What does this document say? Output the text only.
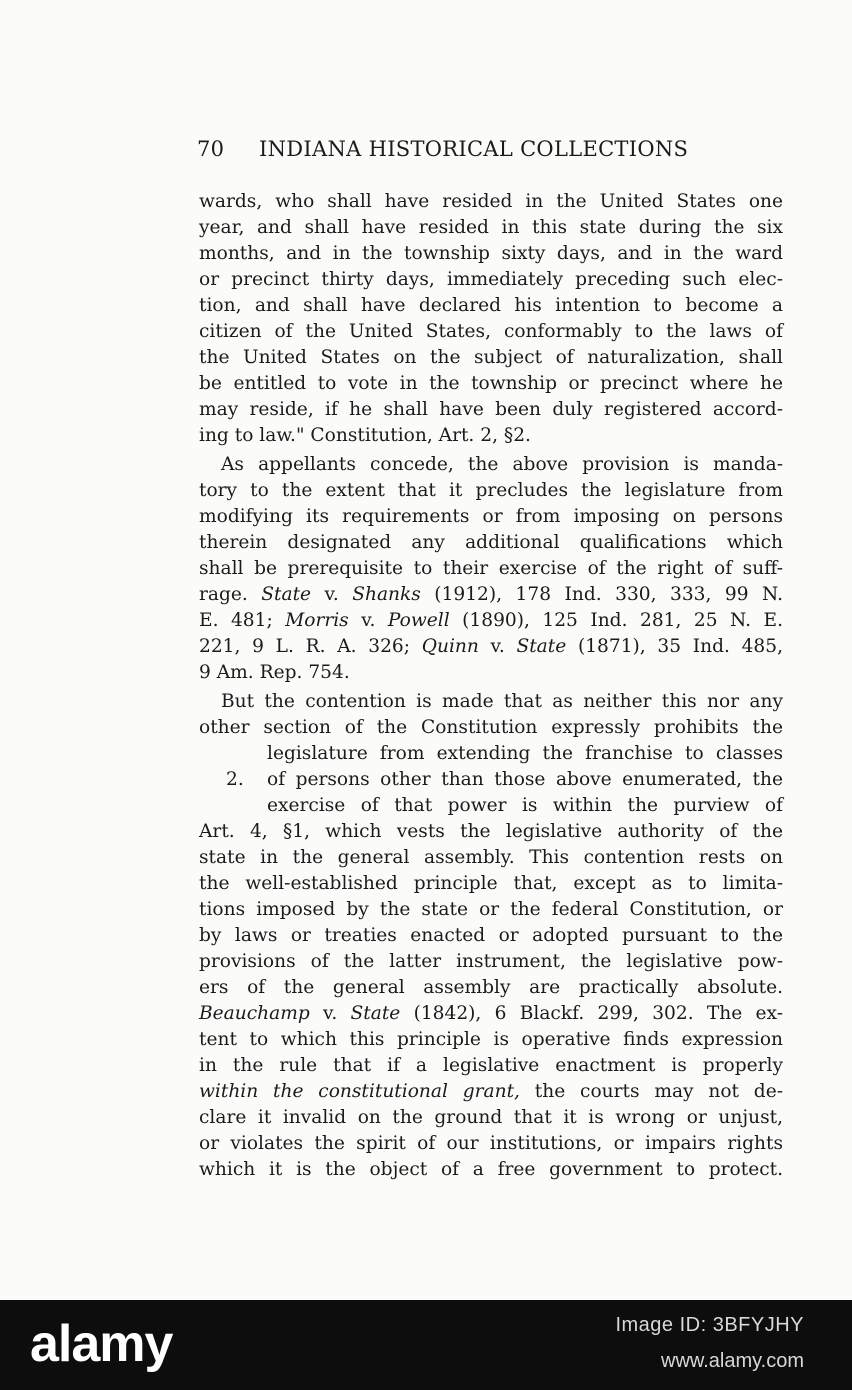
70 INDIANA HISTORICAL COLLECTIONS
wards, who shall have resided in the United States one
year, and shall have resided in this state during the six
months, and in the township sixty days, and in the ward
or precinct thirty days, immediately preceding such elec-
tion, and shall have declared his intention to become a
citizen of the United States, conformably to the laws of
the United States on the subject of naturalization, shall
be entitled to vote in the township or precinct where he
may reside, if he shall have been duly registered accord-
ing to law." Constitution, Art. 2, §2.
As appellants concede, the above provision is manda-
tory to the extent that it precludes the legislature from
modifying its requirements or from imposing on persons
therein designated any additional qualifications which
shall be prerequisite to their exercise of the right of suff-
rage. State v. Shanks (1912), 178 Ind. 330, 333, 99 N.
E. 481; Morris v. Powell (1890), 125 Ind. 281, 25 N. E.
221, 9 L. R. A. 326; Quinn v. State (1871), 35 Ind. 485,
9 Am. Rep. 754.
But the contention is made that as neither this nor any
other section of the Constitution expressly prohibits the
legislature from extending the franchise to classes
2. of persons other than those above enumerated, the
exercise of that power is within the purview of
Art. 4, §1, which vests the legislative authority of the
state in the general assembly. This contention rests on
the well-established principle that, except as to limita-
tions imposed by the state or the federal Constitution, or
by laws or treaties enacted or adopted pursuant to the
provisions of the latter instrument, the legislative pow-
ers of the general assembly are practically absolute.
Beauchamp v. State (1842), 6 Blackf. 299, 302. The ex-
tent to which this principle is operative finds expression
in the rule that if a legislative enactment is properly
within the constitutional grant, the courts may not de-
clare it invalid on the ground that it is wrong or unjust,
or violates the spirit of our institutions, or impairs rights
which it is the object of a free government to protect.
alamy	Image ID: 3BFYJHY
www.alamy.com
